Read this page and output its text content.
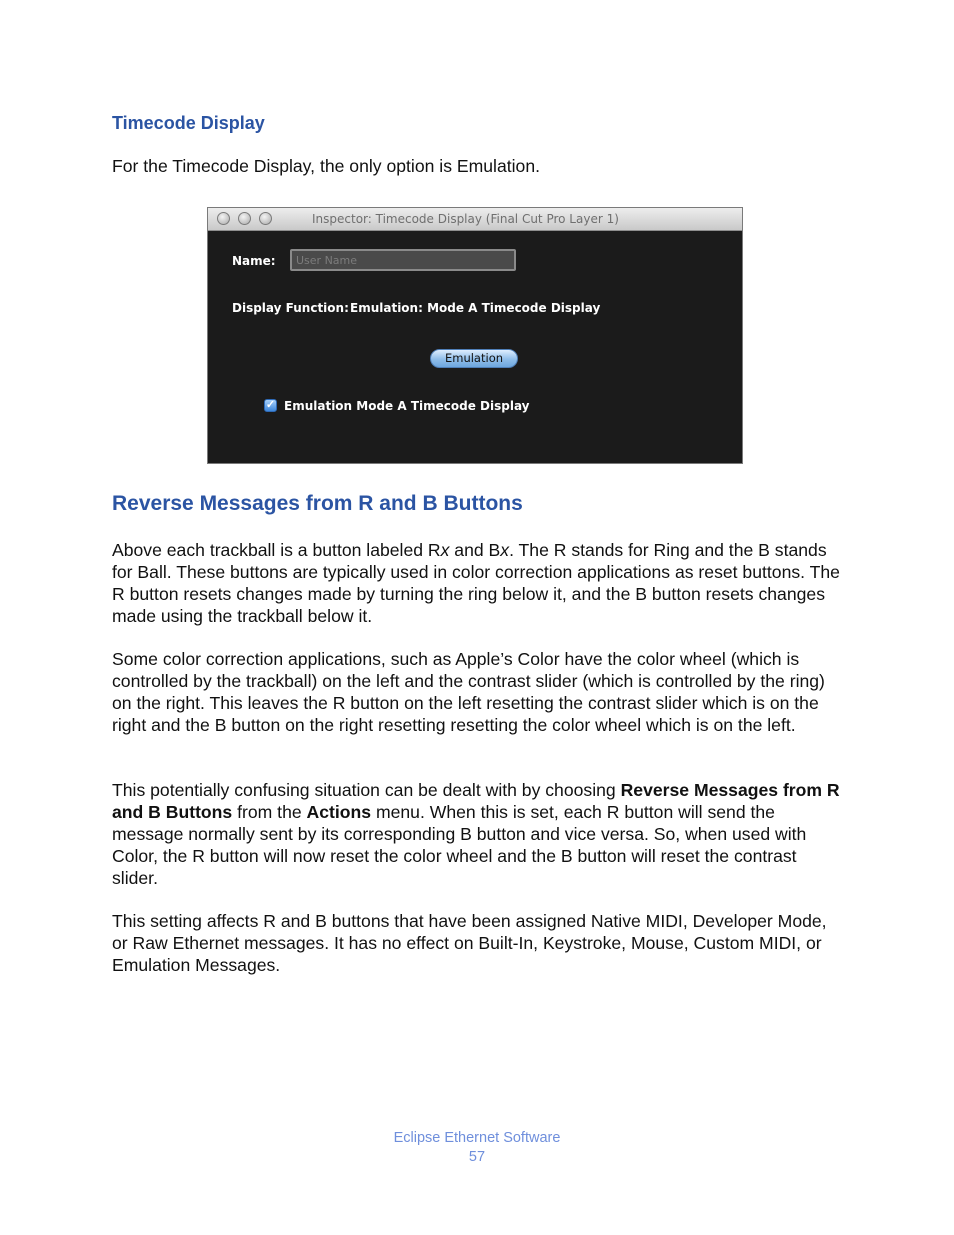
Timecode Display

For the Timecode Display, the only option is Emulation.

Inspector: Timecode Display (Final Cut Pro Layer 1)
Name:
User Name
Display Function: Emulation: Mode A Timecode Display
Emulation
✓ Emulation Mode A Timecode Display
Reverse Messages from R and B Buttons

Above each trackball is a button labeled Rx and Bx. The R stands for Ring and the B stands for Ball. These buttons are typically used in color correction applications as reset buttons. The R button resets changes made by turning the ring below it, and the B button resets changes made using the trackball below it.

Some color correction applications, such as Apple’s Color have the color wheel (which is controlled by the trackball) on the left and the contrast slider (which is controlled by the ring) on the right. This leaves the R button on the left resetting the contrast slider which is on the right and the B button on the right resetting resetting the color wheel which is on the left.

This potentially confusing situation can be dealt with by choosing Reverse Messages from R and B Buttons from the Actions menu. When this is set, each R button will send the message normally sent by its corresponding B button and vice versa. So, when used with Color, the R button will now reset the color wheel and the B button will reset the contrast slider.

This setting affects R and B buttons that have been assigned Native MIDI, Developer Mode, or Raw Ethernet messages. It has no effect on Built-In, Keystroke, Mouse, Custom MIDI, or Emulation Messages.

Eclipse Ethernet Software
57
